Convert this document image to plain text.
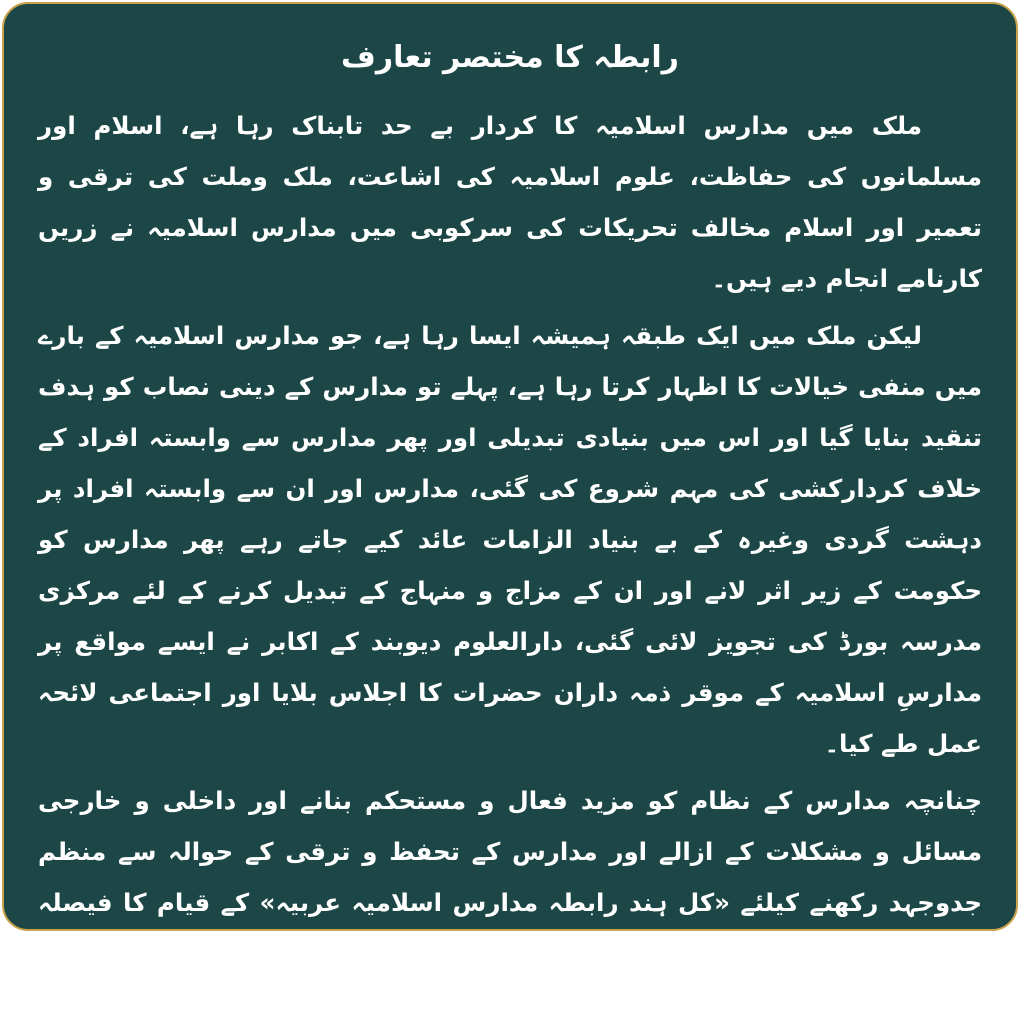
رابطہ کا مختصر تعارف

ملک میں مدارس اسلامیہ کا کردار بے حد تابناک رہا ہے، اسلام اور مسلمانوں کی حفاظت، علوم اسلامیہ کی اشاعت، ملک وملت کی ترقی و تعمیر اور اسلام مخالف تحریکات کی سرکوبی میں مدارس اسلامیہ نے زریں کارنامے انجام دیے ہیں۔

لیکن ملک میں ایک طبقہ ہمیشہ ایسا رہا ہے، جو مدارس اسلامیہ کے بارے میں منفی خیالات کا اظہار کرتا رہا ہے، پہلے تو مدارس کے دینی نصاب کو ہدف تنقید بنایا گیا اور اس میں بنیادی تبدیلی اور پھر مدارس سے وابستہ افراد کے خلاف کردارکشی کی مہم شروع کی گئی، مدارس اور ان سے وابستہ افراد پر دہشت گردی وغیرہ کے بے بنیاد الزامات عائد کیے جاتے رہے پھر مدارس کو حکومت کے زیر اثر لانے اور ان کے مزاج و منہاج کے تبدیل کرنے کے لئے مرکزی مدرسہ بورڈ کی تجویز لائی گئی، دارالعلوم دیوبند کے اکابر نے ایسے مواقع پر مدارسِ اسلامیہ کے موقر ذمہ داران حضرات کا اجلاس بلایا اور اجتماعی لائحہ عمل طے کیا۔

چنانچہ مدارس کے نظام کو مزید فعال و مستحکم بنانے اور داخلی و خارجی مسائل و مشکلات کے ازالے اور مدارس کے تحفظ و ترقی کے حوالہ سے منظم جدوجہد رکھنے کیلئے «کل ہند رابطہ مدارس اسلامیہ عربیہ» کے قیام کا فیصلہ کیا گیا۔

شعائر اسلام کی حفاظت کرنا۔
